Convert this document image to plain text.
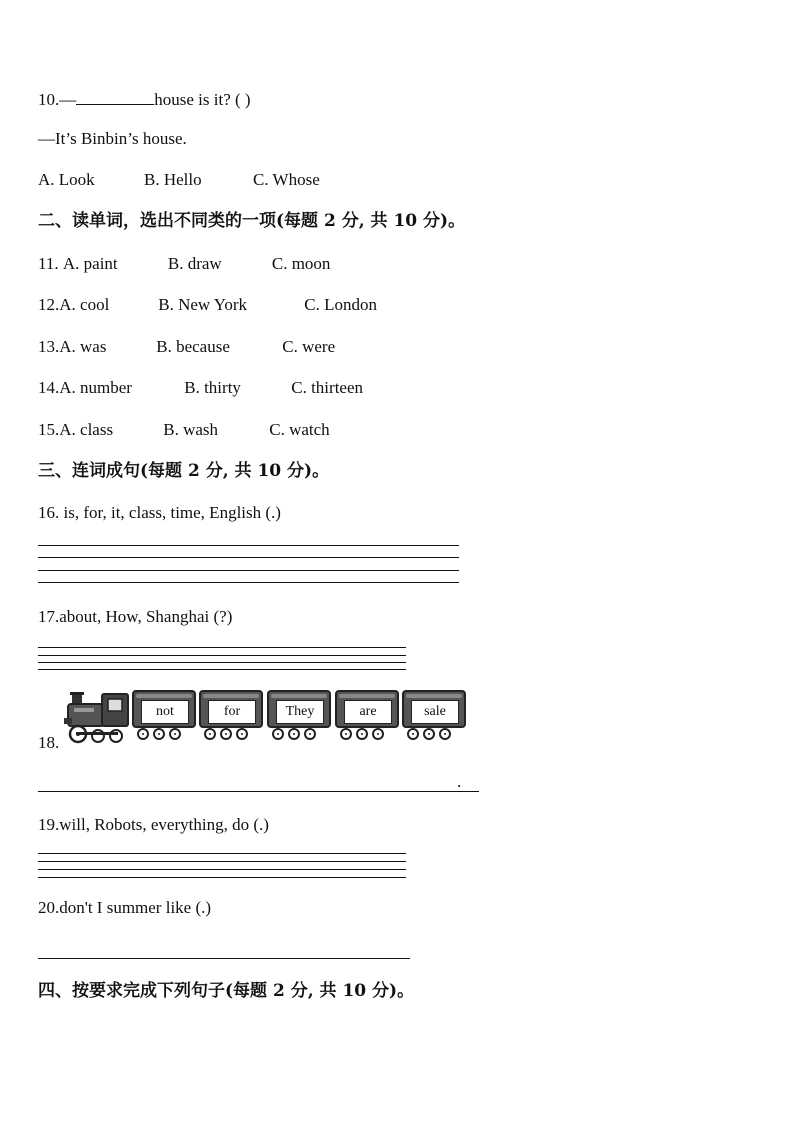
10.—	house is it? ( )
—It’s Binbin’s house.
A. Look	B. Hello	C. Whose
二、读单词，选出不同类的一项(每题 2 分, 共 10 分)。
11. A. paint	B. draw	C. moon
12.A. cool	B. New York	C. London
13.A. was	B. because	C. were
14.A. number	B. thirty	C. thirteen
15.A. class	B. wash	C. watch
三、连词成句(每题 2 分, 共 10 分)。
16. is, for, it, class, time, English (.)
17.about, How, Shanghai (?)
18.
not	for	They	are	sale
.
19.will, Robots, everything, do (.)
20.don't I summer like (.)
四、按要求完成下列句子(每题 2 分, 共 10 分)。
